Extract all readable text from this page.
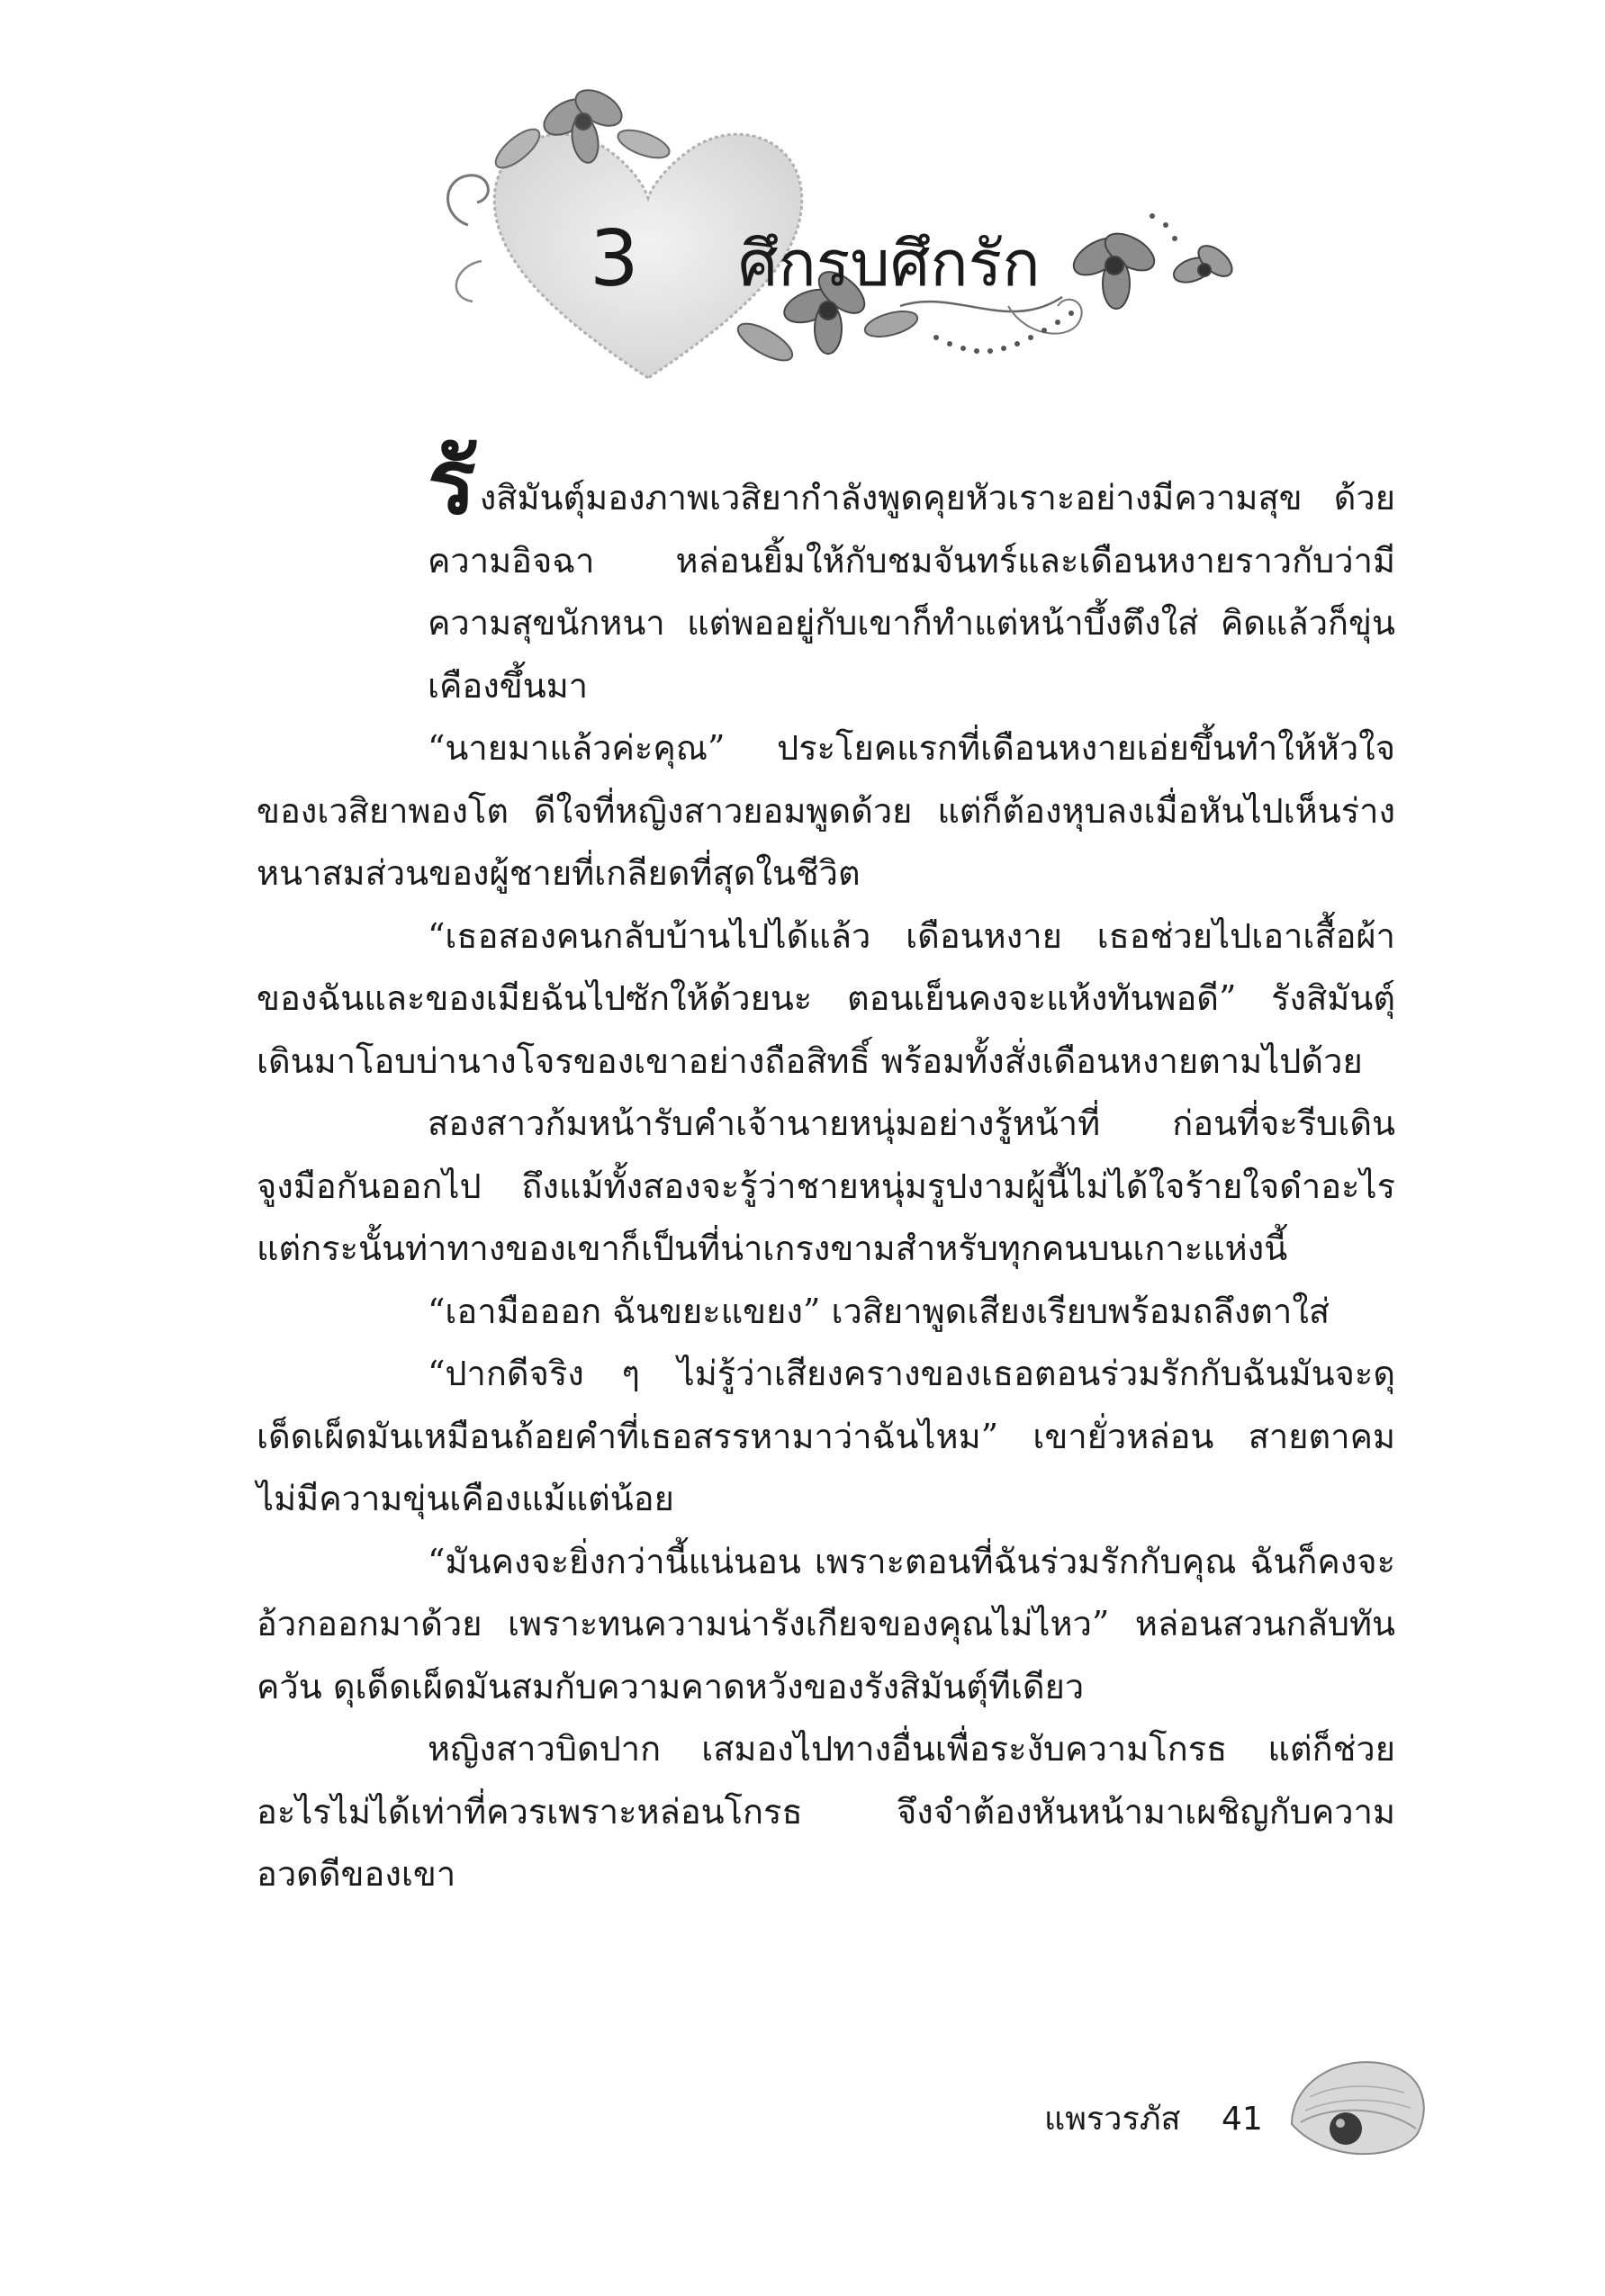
3 ศึกรบศึกรัก

รังสิมันตุ์มองภาพเวสิยากำลังพูดคุยหัวเราะอย่างมีความสุข ด้วยความอิจฉา หล่อนยิ้มให้กับชมจันทร์และเดือนหงายราวกับว่ามีความสุขนักหนา แต่พออยู่กับเขาก็ทำแต่หน้าบึ้งตึงใส่ คิดแล้วก็ขุ่นเคืองขึ้นมา

“นายมาแล้วค่ะคุณ” ประโยคแรกที่เดือนหงายเอ่ยขึ้นทำให้หัวใจของเวสิยาพองโต ดีใจที่หญิงสาวยอมพูดด้วย แต่ก็ต้องหุบลงเมื่อหันไปเห็นร่างหนาสมส่วนของผู้ชายที่เกลียดที่สุดในชีวิต

“เธอสองคนกลับบ้านไปได้แล้ว เดือนหงาย เธอช่วยไปเอาเสื้อผ้าของฉันและของเมียฉันไปซักให้ด้วยนะ ตอนเย็นคงจะแห้งทันพอดี” รังสิมันตุ์เดินมาโอบบ่านางโจรของเขาอย่างถือสิทธิ์ พร้อมทั้งสั่งเดือนหงายตามไปด้วย

สองสาวก้มหน้ารับคำเจ้านายหนุ่มอย่างรู้หน้าที่ ก่อนที่จะรีบเดินจูงมือกันออกไป ถึงแม้ทั้งสองจะรู้ว่าชายหนุ่มรูปงามผู้นี้ไม่ได้ใจร้ายใจดำอะไร แต่กระนั้นท่าทางของเขาก็เป็นที่น่าเกรงขามสำหรับทุกคนบนเกาะแห่งนี้

“เอามือออก ฉันขยะแขยง” เวสิยาพูดเสียงเรียบพร้อมถลึงตาใส่

“ปากดีจริง ๆ ไม่รู้ว่าเสียงครางของเธอตอนร่วมรักกับฉันมันจะดุเด็ดเผ็ดมันเหมือนถ้อยคำที่เธอสรรหามาว่าฉันไหม” เขายั่วหล่อน สายตาคมไม่มีความขุ่นเคืองแม้แต่น้อย

“มันคงจะยิ่งกว่านี้แน่นอน เพราะตอนที่ฉันร่วมรักกับคุณ ฉันก็คงจะอ้วกออกมาด้วย เพราะทนความน่ารังเกียจของคุณไม่ไหว” หล่อนสวนกลับทันควัน ดุเด็ดเผ็ดมันสมกับความคาดหวังของรังสิมันตุ์ทีเดียว

หญิงสาวบิดปาก เสมองไปทางอื่นเพื่อระงับความโกรธ แต่ก็ช่วยอะไรไม่ได้เท่าที่ควรเพราะหล่อนโกรธ จึงจำต้องหันหน้ามาเผชิญกับความอวดดีของเขา

แพรวรภัส 41
